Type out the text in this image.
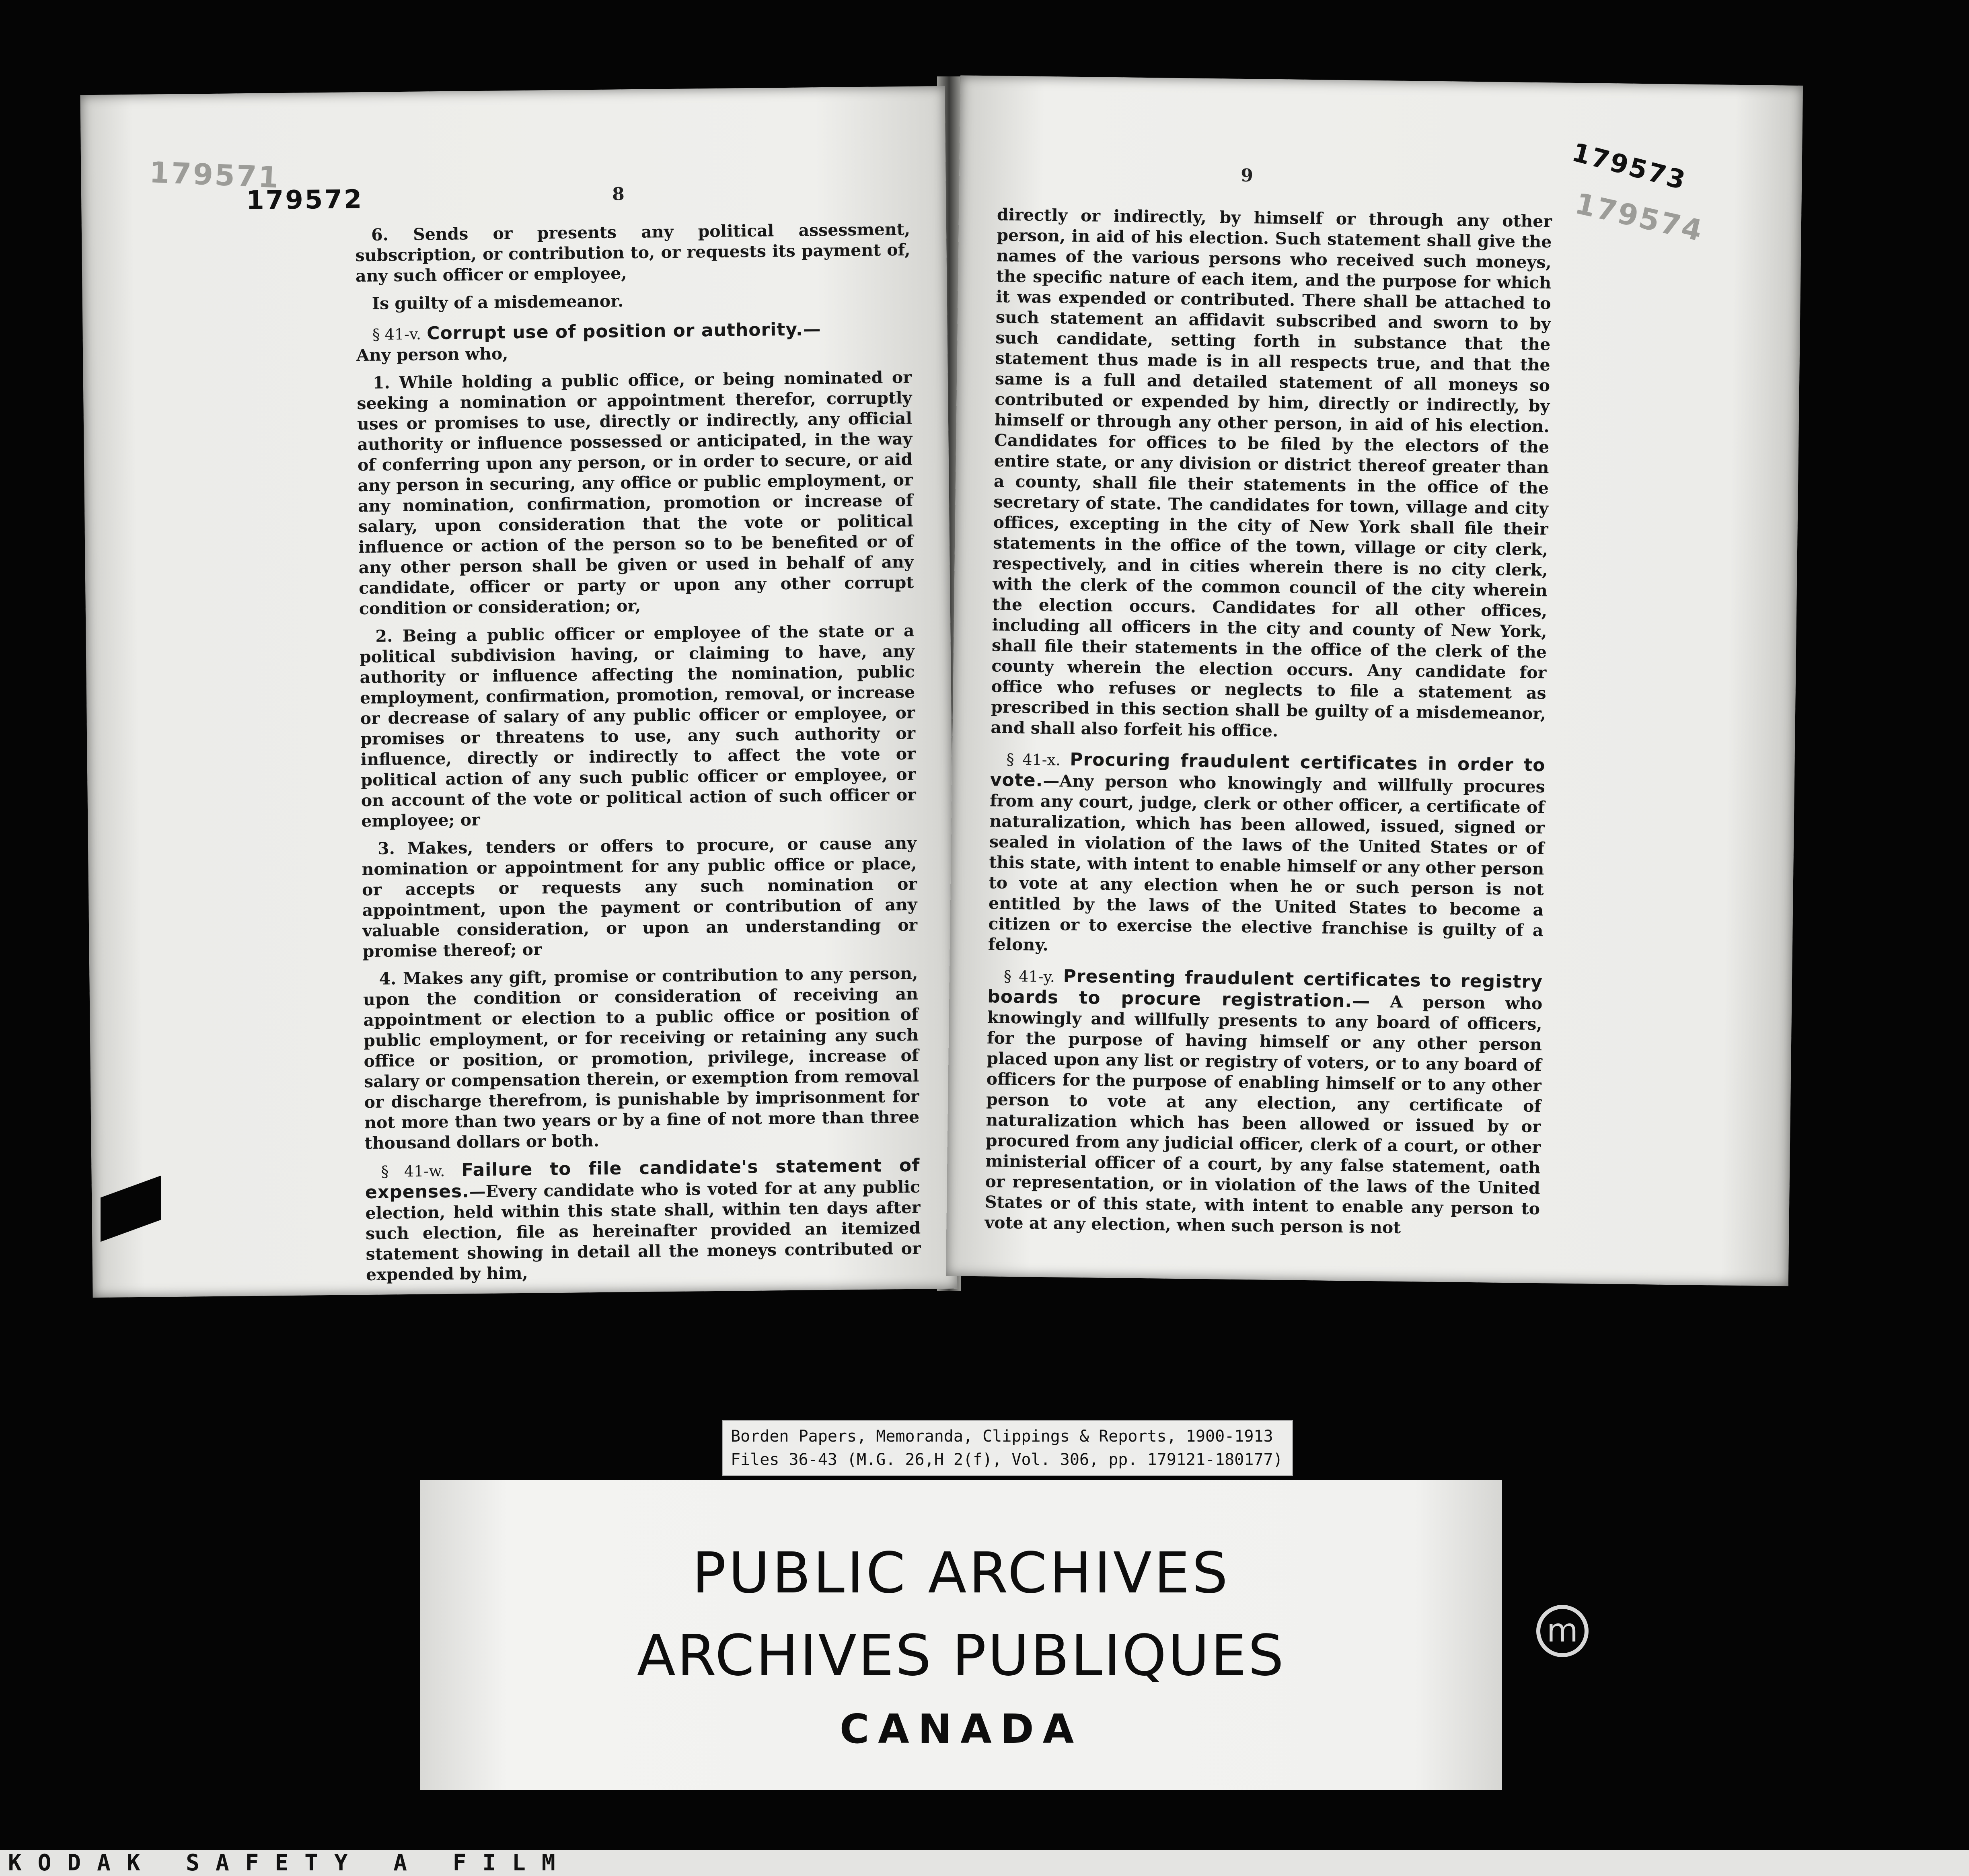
179571
179572	8

6. Sends or presents any political assessment, subscription, or contribution to, or requests its payment of, any such officer or employee,

Is guilty of a misdemeanor.

§ 41-v. Corrupt use of position or authority.—

Any person who,

1. While holding a public office, or being nominated or seeking a nomination or appointment therefor, corruptly uses or promises to use, directly or indirectly, any official authority or influence possessed or anticipated, in the way of conferring upon any person, or in order to secure, or aid any person in securing, any office or public employment, or any nomination, confirmation, promotion or increase of salary, upon consideration that the vote or political influence or action of the person so to be benefited or of any other person shall be given or used in behalf of any candidate, officer or party or upon any other corrupt condition or consideration; or,

2. Being a public officer or employee of the state or a political subdivision having, or claiming to have, any authority or influence affecting the nomination, public employment, confirmation, promotion, removal, or increase or decrease of salary of any public officer or employee, or promises or threatens to use, any such authority or influence, directly or indirectly to affect the vote or political action of any such public officer or employee, or on account of the vote or political action of such officer or employee; or

3. Makes, tenders or offers to procure, or cause any nomination or appointment for any public office or place, or accepts or requests any such nomination or appointment, upon the payment or contribution of any valuable consideration, or upon an understanding or promise thereof; or

4. Makes any gift, promise or contribution to any person, upon the condition or consideration of receiving an appointment or election to a public office or position of public employment, or for receiving or retaining any such office or position, or promotion, privilege, increase of salary or compensation therein, or exemption from removal or discharge therefrom, is punishable by imprisonment for not more than two years or by a fine of not more than three thousand dollars or both.

§ 41-w. Failure to file candidate's statement of expenses.—Every candidate who is voted for at any public election, held within this state shall, within ten days after such election, file as hereinafter provided an itemized statement showing in detail all the moneys contributed or expended by him,

179573
179574
9

directly or indirectly, by himself or through any other person, in aid of his election. Such statement shall give the names of the various persons who received such moneys, the specific nature of each item, and the purpose for which it was expended or contributed. There shall be attached to such statement an affidavit subscribed and sworn to by such candidate, setting forth in substance that the statement thus made is in all respects true, and that the same is a full and detailed statement of all moneys so contributed or expended by him, directly or indirectly, by himself or through any other person, in aid of his election. Candidates for offices to be filed by the electors of the entire state, or any division or district thereof greater than a county, shall file their statements in the office of the secretary of state. The candidates for town, village and city offices, excepting in the city of New York shall file their statements in the office of the town, village or city clerk, respectively, and in cities wherein there is no city clerk, with the clerk of the common council of the city wherein the election occurs. Candidates for all other offices, including all officers in the city and county of New York, shall file their statements in the office of the clerk of the county wherein the election occurs. Any candidate for office who refuses or neglects to file a statement as prescribed in this section shall be guilty of a misdemeanor, and shall also forfeit his office.

§ 41-x. Procuring fraudulent certificates in order to vote.—Any person who knowingly and willfully procures from any court, judge, clerk or other officer, a certificate of naturalization, which has been allowed, issued, signed or sealed in violation of the laws of the United States or of this state, with intent to enable himself or any other person to vote at any election when he or such person is not entitled by the laws of the United States to become a citizen or to exercise the elective franchise is guilty of a felony.

§ 41-y. Presenting fraudulent certificates to registry boards to procure registration.— A person who knowingly and willfully presents to any board of officers, for the purpose of having himself or any other person placed upon any list or registry of voters, or to any board of officers for the purpose of enabling himself or to any other person to vote at any election, any certificate of naturalization which has been allowed or issued by or procured from any judicial officer, clerk of a court, or other ministerial officer of a court, by any false statement, oath or representation, or in violation of the laws of the United States or of this state, with intent to enable any person to vote at any election, when such person is not

Borden Papers, Memoranda, Clippings & Reports, 1900-1913
Files 36-43 (M.G. 26,H 2(f), Vol. 306, pp. 179121-180177)
PUBLIC ARCHIVES
ARCHIVES PUBLIQUES
CANADA
m
KODAK SAFETY A FILM
